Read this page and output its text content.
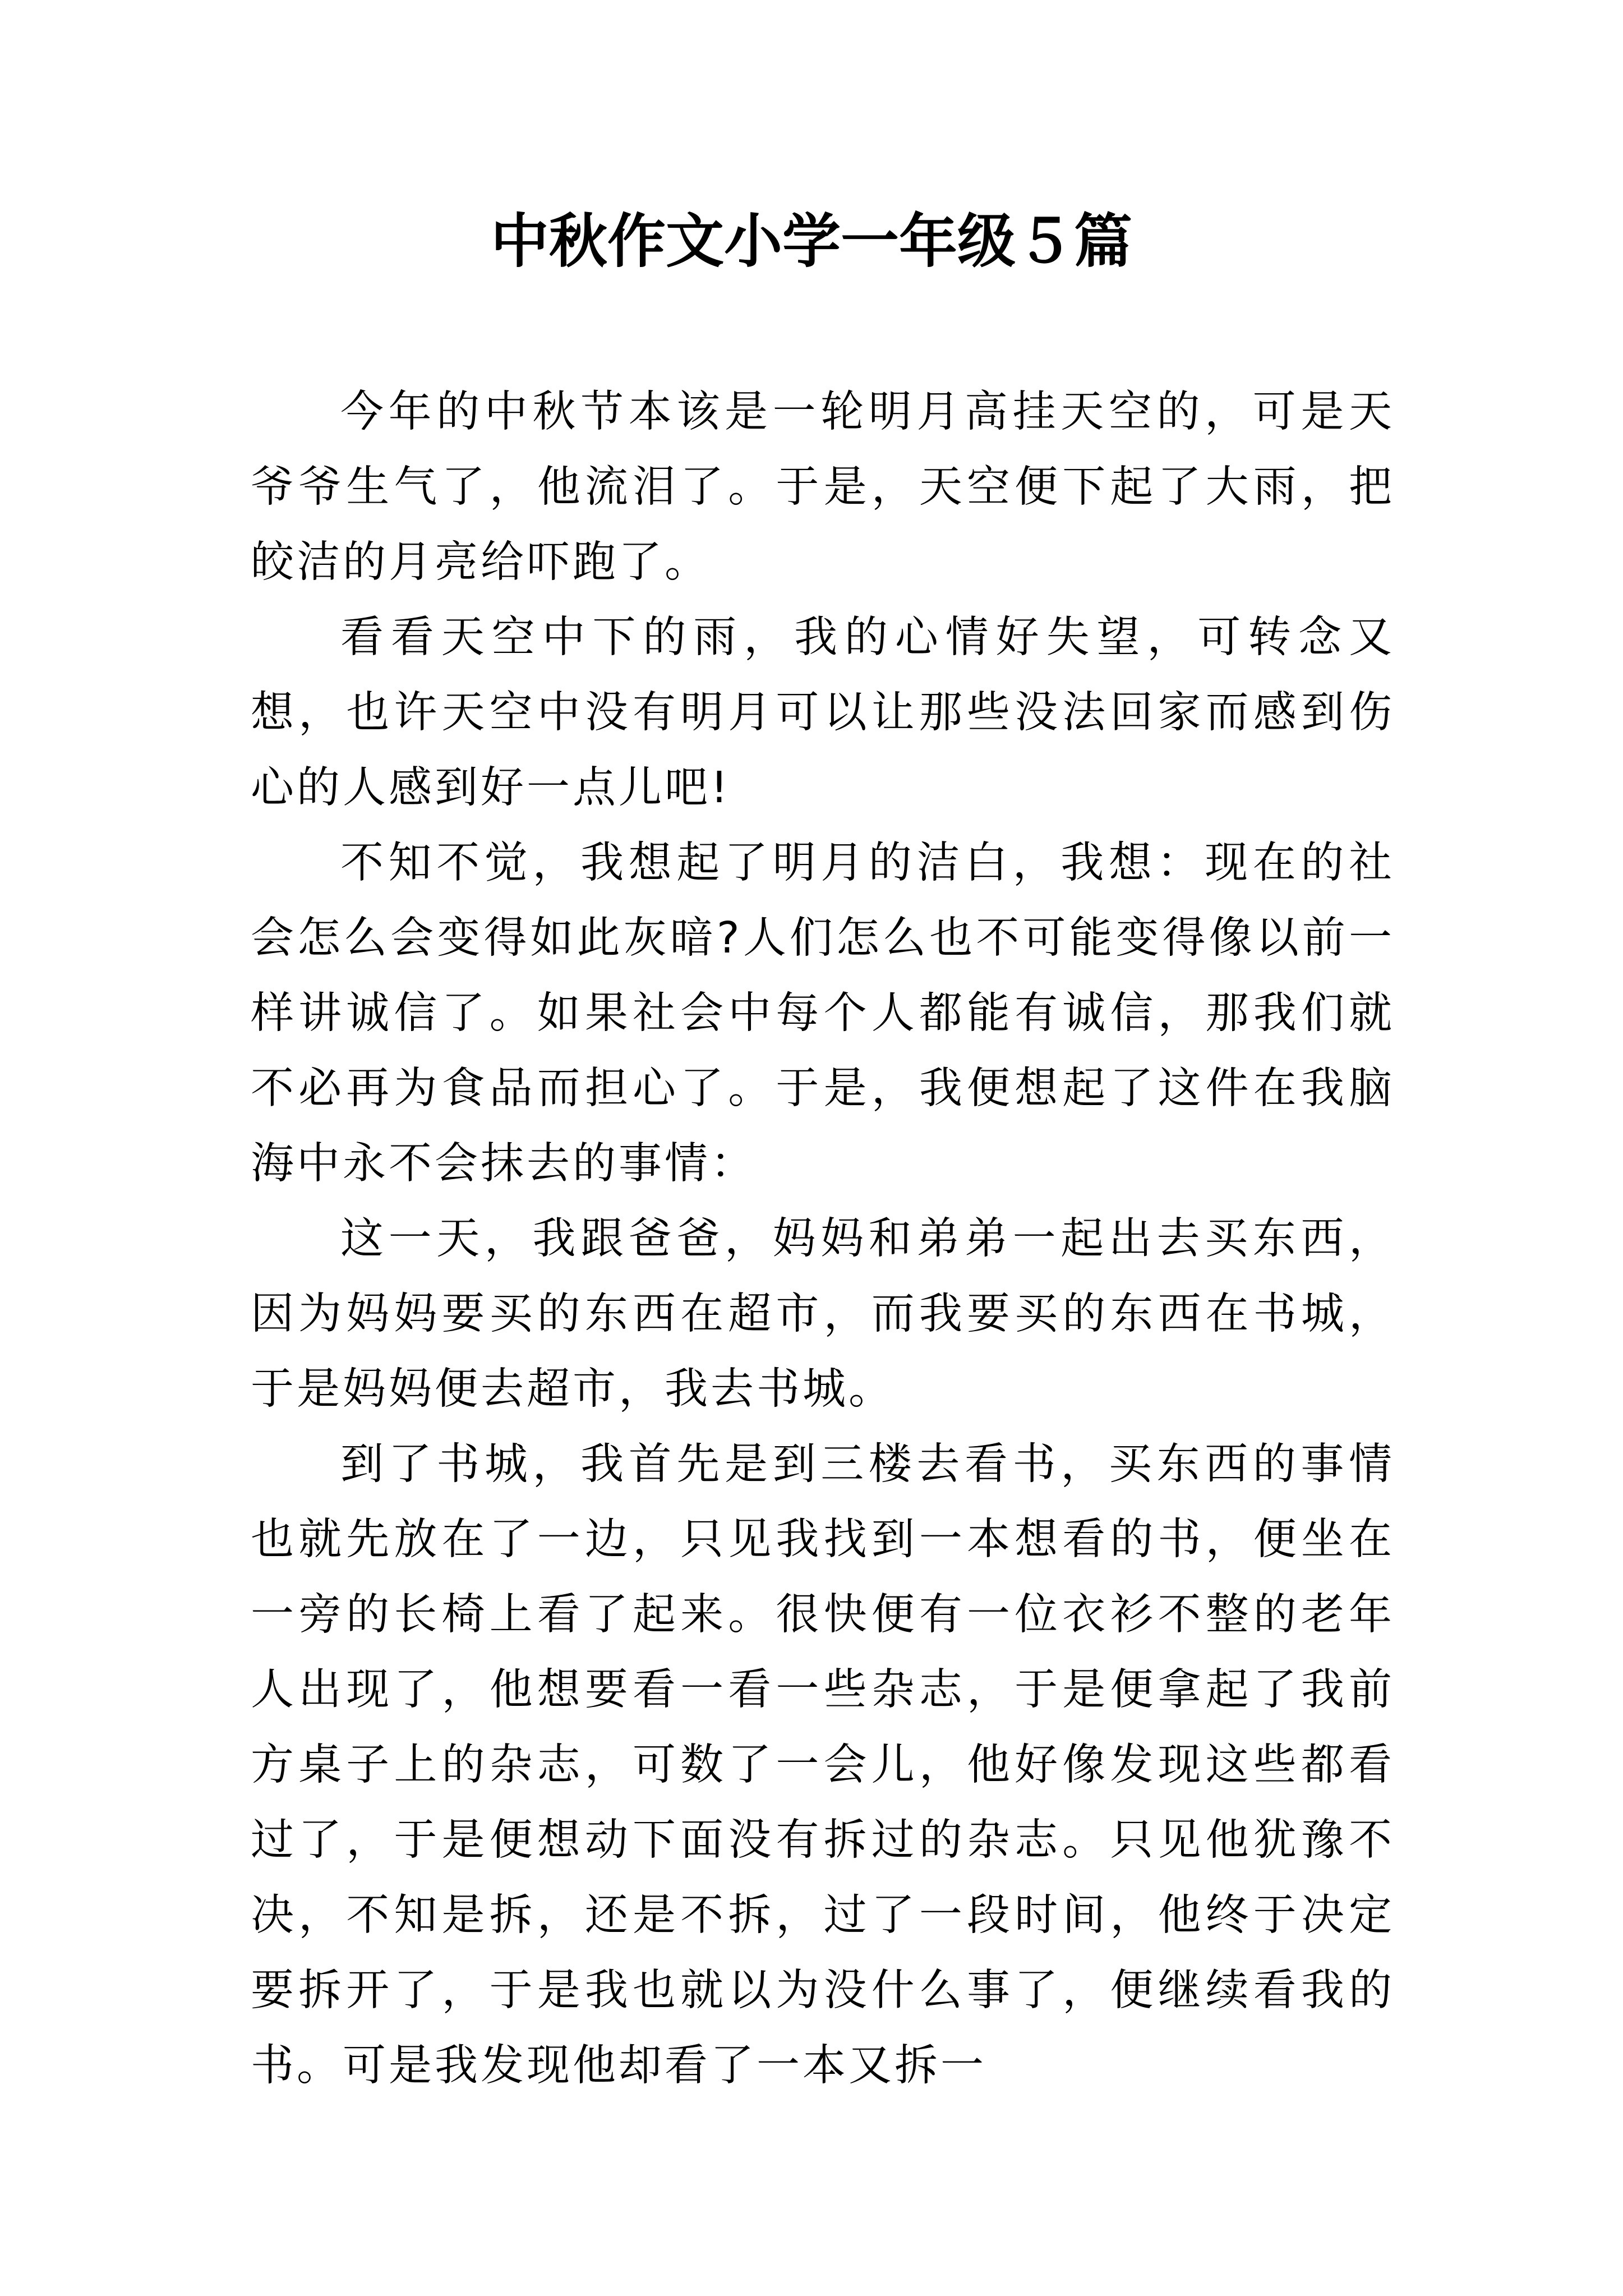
中秋作文小学一年级５篇

今年的中秋节本该是一轮明月高挂天空的，可是天爷爷生气了，他流泪了。于是，天空便下起了大雨，把皎洁的月亮给吓跑了。

看看天空中下的雨，我的心情好失望，可转念又想，也许天空中没有明月可以让那些没法回家而感到伤心的人感到好一点儿吧!

不知不觉，我想起了明月的洁白，我想：现在的社会怎么会变得如此灰暗?人们怎么也不可能变得像以前一样讲诚信了。如果社会中每个人都能有诚信，那我们就不必再为食品而担心了。于是，我便想起了这件在我脑海中永不会抹去的事情：

这一天，我跟爸爸，妈妈和弟弟一起出去买东西，因为妈妈要买的东西在超市，而我要买的东西在书城，于是妈妈便去超市，我去书城。

到了书城，我首先是到三楼去看书，买东西的事情也就先放在了一边，只见我找到一本想看的书，便坐在一旁的长椅上看了起来。很快便有一位衣衫不整的老年人出现了，他想要看一看一些杂志，于是便拿起了我前方桌子上的杂志，可数了一会儿，他好像发现这些都看过了，于是便想动下面没有拆过的杂志。只见他犹豫不决，不知是拆，还是不拆，过了一段时间，他终于决定要拆开了，于是我也就以为没什么事了，便继续看我的书。可是我发现他却看了一本又拆一
